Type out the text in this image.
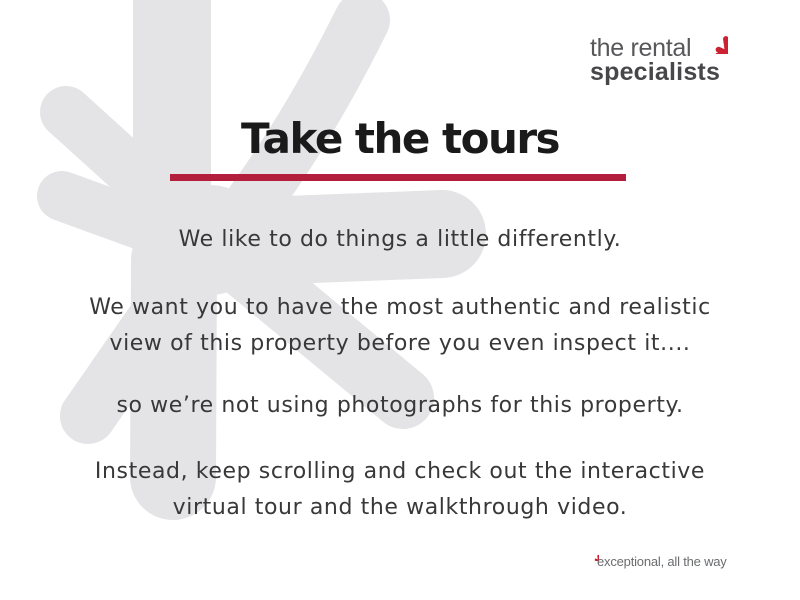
the rental
specialists
Take the tours
We like to do things a little differently.
We want you to have the most authentic and realistic
view of this property before you even inspect it....
so we’re not using photographs for this property.
Instead, keep scrolling and check out the interactive
virtual tour and the walkthrough video.
exceptional, all the way
